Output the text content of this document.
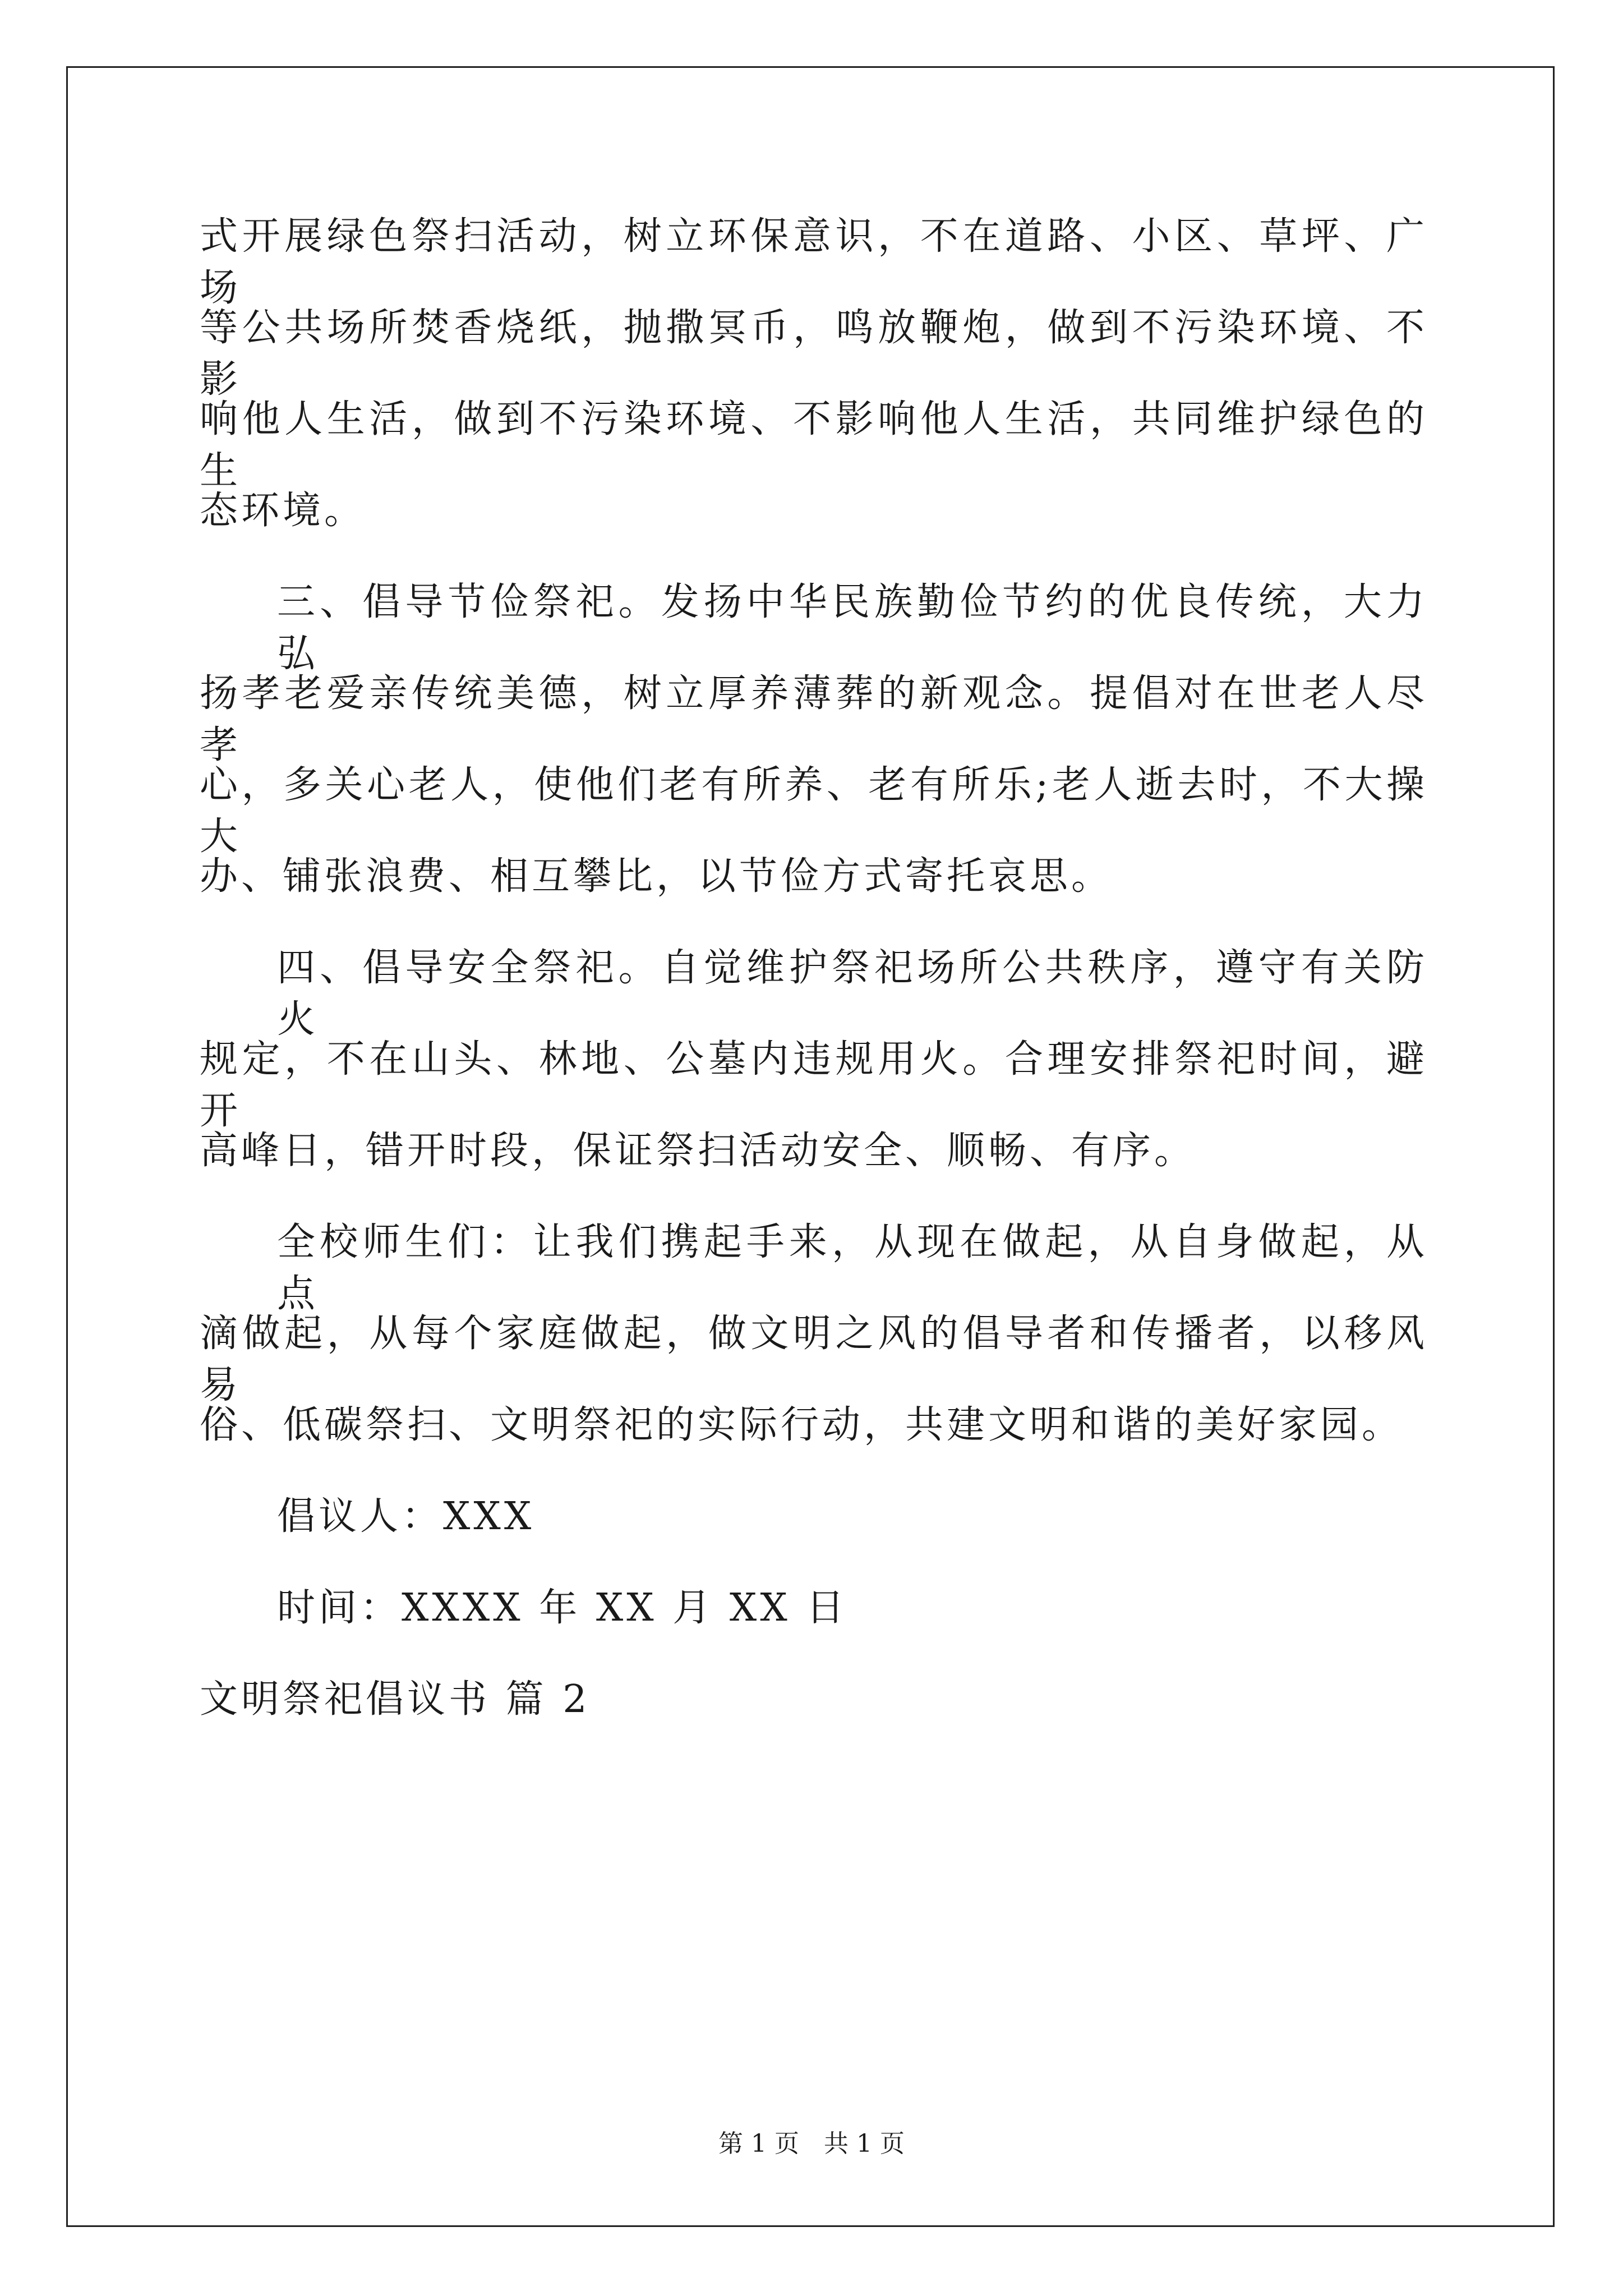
式开展绿色祭扫活动，树立环保意识，不在道路、小区、草坪、广场
等公共场所焚香烧纸，抛撒冥币，鸣放鞭炮，做到不污染环境、不影
响他人生活，做到不污染环境、不影响他人生活，共同维护绿色的生
态环境。
三、倡导节俭祭祀。发扬中华民族勤俭节约的优良传统，大力弘
扬孝老爱亲传统美德，树立厚养薄葬的新观念。提倡对在世老人尽孝
心，多关心老人，使他们老有所养、老有所乐;老人逝去时，不大操大
办、铺张浪费、相互攀比，以节俭方式寄托哀思。
四、倡导安全祭祀。自觉维护祭祀场所公共秩序，遵守有关防火
规定，不在山头、林地、公墓内违规用火。合理安排祭祀时间，避开
高峰日，错开时段，保证祭扫活动安全、顺畅、有序。
全校师生们：让我们携起手来，从现在做起，从自身做起，从点
滴做起，从每个家庭做起，做文明之风的倡导者和传播者，以移风易
俗、低碳祭扫、文明祭祀的实际行动，共建文明和谐的美好家园。
倡议人：XXX
时间：XXXX 年 XX 月 XX 日
文明祭祀倡议书 篇 2
第 1 页 共 1 页
